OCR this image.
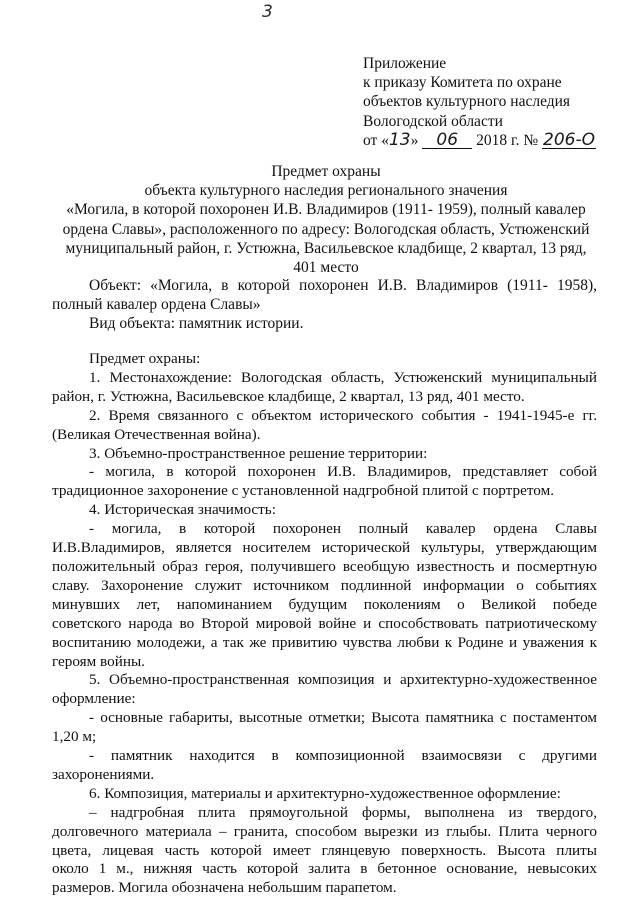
3
Приложение
к приказу Комитета по охране
объектов культурного наследия
Вологодской области
от «13» 06 2018 г. № 206-О
Предмет охраны
объекта культурного наследия регионального значения
«Могила, в которой похоронен И.В. Владимиров (1911- 1959), полный кавалер
ордена Славы», расположенного по адресу: Вологодская область, Устюженский
муниципальный район, г. Устюжна, Васильевское кладбище, 2 квартал, 13 ряд,
401 место
Объект: «Могила, в которой похоронен И.В. Владимиров (1911- 1958),
полный кавалер ордена Славы»
Вид объекта: памятник истории.
Предмет охраны:
1. Местонахождение: Вологодская область, Устюженский муниципальный
район, г. Устюжна, Васильевское кладбище, 2 квартал, 13 ряд, 401 место.
2. Время связанного с объектом исторического события - 1941-1945-е гг.
(Великая Отечественная война).
3. Объемно-пространственное решение территории:
- могила, в которой похоронен И.В. Владимиров, представляет собой
традиционное захоронение с установленной надгробной плитой с портретом.
4. Историческая значимость:
- могила, в которой похоронен полный кавалер ордена Славы
И.В.Владимиров, является носителем исторической культуры, утверждающим
положительный образ героя, получившего всеобщую известность и посмертную
славу. Захоронение служит источником подлинной информации о событиях
минувших лет, напоминанием будущим поколениям о Великой победе
советского народа во Второй мировой войне и способствовать патриотическому
воспитанию молодежи, а так же привитию чувства любви к Родине и уважения к
героям войны.
5. Объемно-пространственная композиция и архитектурно-художественное
оформление:
- основные габариты, высотные отметки; Высота памятника с постаментом
1,20 м;
- памятник находится в композиционной взаимосвязи с другими
захоронениями.
6. Композиция, материалы и архитектурно-художественное оформление:
– надгробная плита прямоугольной формы, выполнена из твердого,
долговечного материала – гранита, способом вырезки из глыбы. Плита черного
цвета, лицевая часть которой имеет глянцевую поверхность. Высота плиты
около 1 м., нижняя часть которой залита в бетонное основание, невысоких
размеров. Могила обозначена небольшим парапетом.
